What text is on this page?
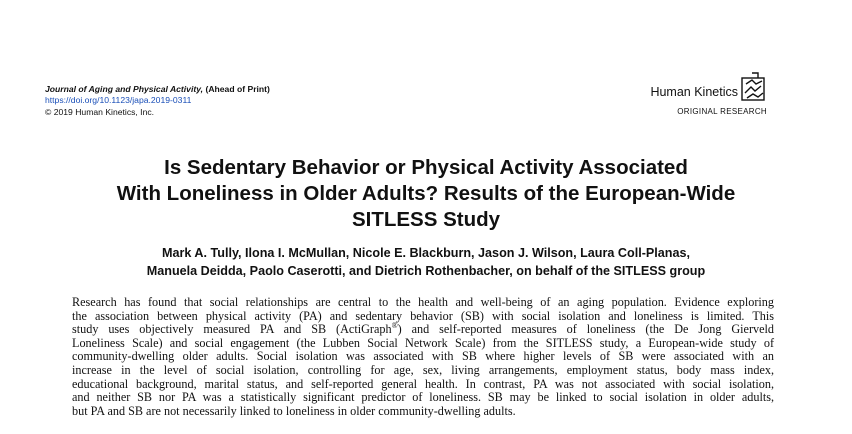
Journal of Aging and Physical Activity, (Ahead of Print)
https://doi.org/10.1123/japa.2019-0311
© 2019 Human Kinetics, Inc.
Human Kinetics
ORIGINAL RESEARCH
Is Sedentary Behavior or Physical Activity Associated
With Loneliness in Older Adults? Results of the European-Wide
SITLESS Study
Mark A. Tully, Ilona I. McMullan, Nicole E. Blackburn, Jason J. Wilson, Laura Coll-Planas,
Manuela Deidda, Paolo Caserotti, and Dietrich Rothenbacher, on behalf of the SITLESS group
Research has found that social relationships are central to the health and well-being of an aging population. Evidence exploring
the association between physical activity (PA) and sedentary behavior (SB) with social isolation and loneliness is limited. This
study uses objectively measured PA and SB (ActiGraph®) and self-reported measures of loneliness (the De Jong Gierveld
Loneliness Scale) and social engagement (the Lubben Social Network Scale) from the SITLESS study, a European-wide study of
community-dwelling older adults. Social isolation was associated with SB where higher levels of SB were associated with an
increase in the level of social isolation, controlling for age, sex, living arrangements, employment status, body mass index,
educational background, marital status, and self-reported general health. In contrast, PA was not associated with social isolation,
and neither SB nor PA was a statistically significant predictor of loneliness. SB may be linked to social isolation in older adults,
but PA and SB are not necessarily linked to loneliness in older community-dwelling adults.
